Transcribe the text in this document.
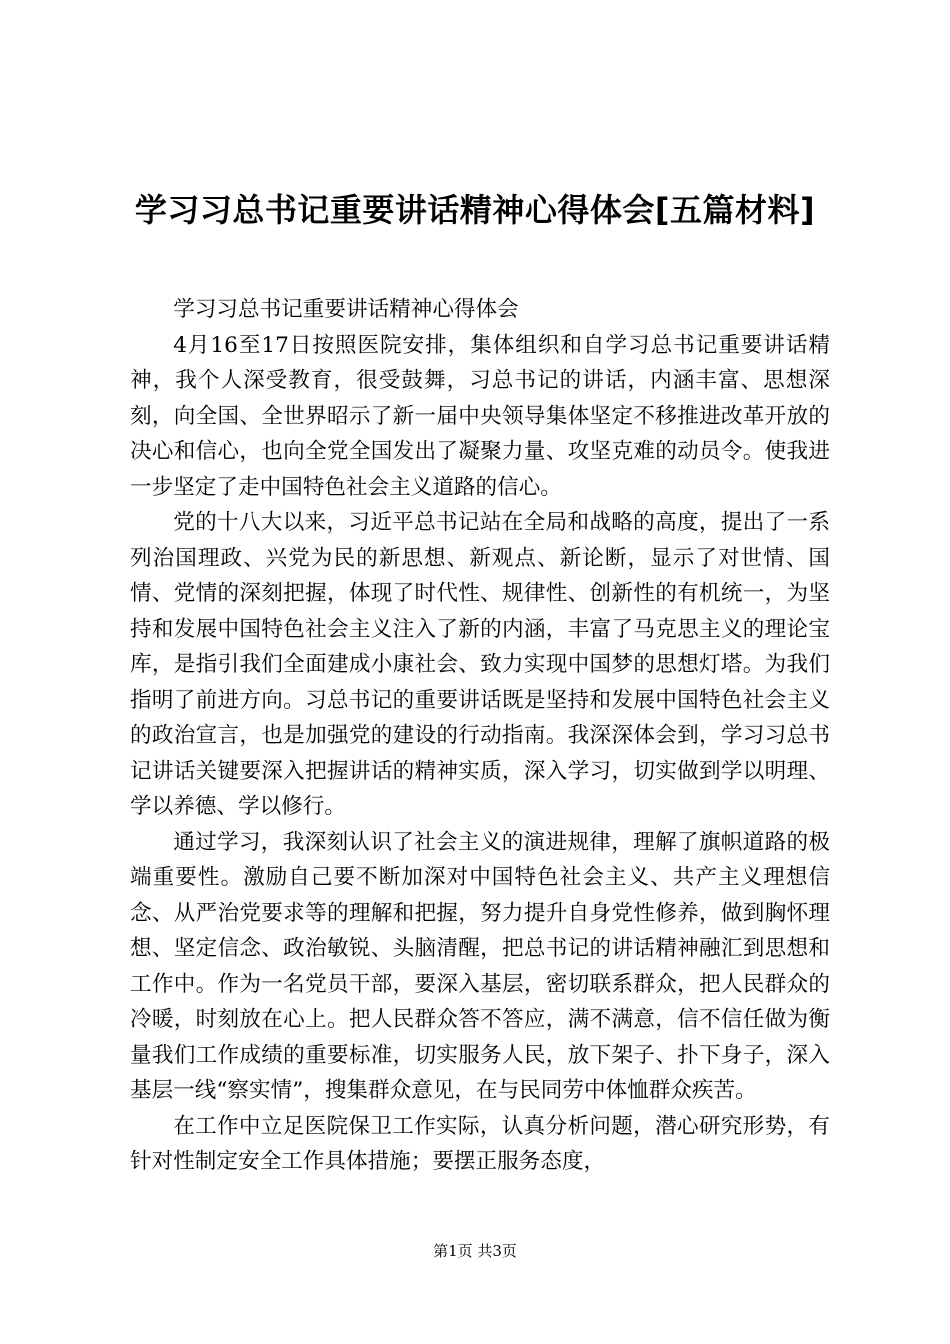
学习习总书记重要讲话精神心得体会[五篇材料]

学习习总书记重要讲话精神心得体会

4月16至17日按照医院安排，集体组织和自学习总书记重要讲话精神，我个人深受教育，很受鼓舞，习总书记的讲话，内涵丰富、思想深刻，向全国、全世界昭示了新一届中央领导集体坚定不移推进改革开放的决心和信心，也向全党全国发出了凝聚力量、攻坚克难的动员令。使我进一步坚定了走中国特色社会主义道路的信心。

党的十八大以来，习近平总书记站在全局和战略的高度，提出了一系列治国理政、兴党为民的新思想、新观点、新论断，显示了对世情、国情、党情的深刻把握，体现了时代性、规律性、创新性的有机统一，为坚持和发展中国特色社会主义注入了新的内涵，丰富了马克思主义的理论宝库，是指引我们全面建成小康社会、致力实现中国梦的思想灯塔。为我们指明了前进方向。习总书记的重要讲话既是坚持和发展中国特色社会主义的政治宣言，也是加强党的建设的行动指南。我深深体会到，学习习总书记讲话关键要深入把握讲话的精神实质，深入学习，切实做到学以明理、学以养德、学以修行。

通过学习，我深刻认识了社会主义的演进规律，理解了旗帜道路的极端重要性。激励自己要不断加深对中国特色社会主义、共产主义理想信念、从严治党要求等的理解和把握，努力提升自身党性修养，做到胸怀理想、坚定信念、政治敏锐、头脑清醒，把总书记的讲话精神融汇到思想和工作中。作为一名党员干部，要深入基层，密切联系群众，把人民群众的冷暖，时刻放在心上。把人民群众答不答应，满不满意，信不信任做为衡量我们工作成绩的重要标准，切实服务人民，放下架子、扑下身子，深入基层一线“察实情”，搜集群众意见，在与民同劳中体恤群众疾苦。

在工作中立足医院保卫工作实际，认真分析问题，潜心研究形势，有针对性制定安全工作具体措施；要摆正服务态度，

第1页 共3页
